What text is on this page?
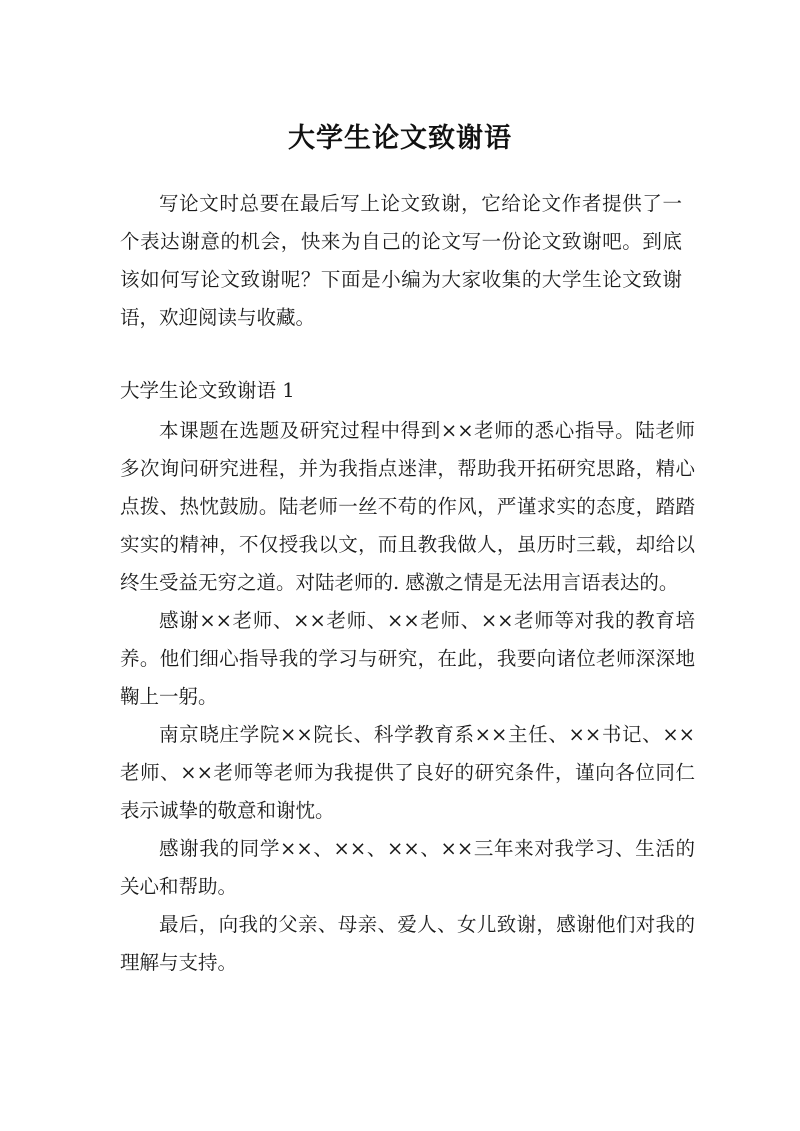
大学生论文致谢语

写论文时总要在最后写上论文致谢，它给论文作者提供了一个表达谢意的机会，快来为自己的论文写一份论文致谢吧。到底该如何写论文致谢呢？下面是小编为大家收集的大学生论文致谢语，欢迎阅读与收藏。

大学生论文致谢语 1

本课题在选题及研究过程中得到××老师的悉心指导。陆老师多次询问研究进程，并为我指点迷津，帮助我开拓研究思路，精心点拨、热忱鼓励。陆老师一丝不苟的作风，严谨求实的态度，踏踏实实的精神，不仅授我以文，而且教我做人，虽历时三载，却给以终生受益无穷之道。对陆老师的. 感激之情是无法用言语表达的。

感谢××老师、××老师、××老师、××老师等对我的教育培养。他们细心指导我的学习与研究，在此，我要向诸位老师深深地鞠上一躬。

南京晓庄学院××院长、科学教育系××主任、××书记、××老师、××老师等老师为我提供了良好的研究条件，谨向各位同仁表示诚挚的敬意和谢忱。

感谢我的同学××、××、××、××三年来对我学习、生活的关心和帮助。

最后，向我的父亲、母亲、爱人、女儿致谢，感谢他们对我的理解与支持。
